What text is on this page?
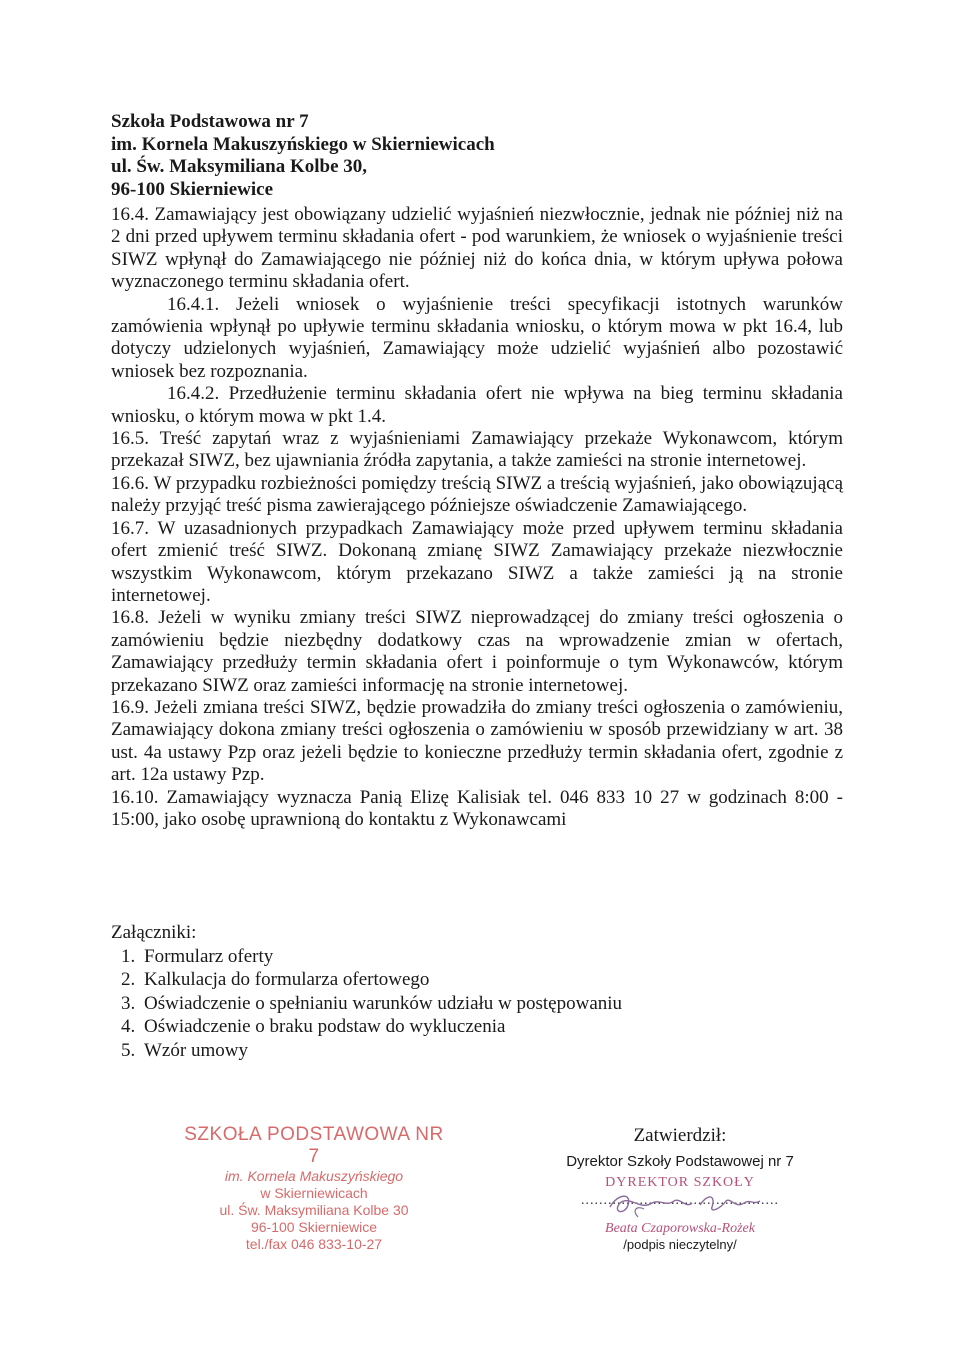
Szkoła Podstawowa nr 7
im. Kornela Makuszyńskiego w Skierniewicach
ul. Św. Maksymiliana Kolbe 30,
96-100 Skierniewice

16.4. Zamawiający jest obowiązany udzielić wyjaśnień niezwłocznie, jednak nie później niż na 2 dni przed upływem terminu składania ofert - pod warunkiem, że wniosek o wyjaśnienie treści SIWZ wpłynął do Zamawiającego nie później niż do końca dnia, w którym upływa połowa wyznaczonego terminu składania ofert.

16.4.1. Jeżeli wniosek o wyjaśnienie treści specyfikacji istotnych warunków zamówienia wpłynął po upływie terminu składania wniosku, o którym mowa w pkt 16.4, lub dotyczy udzielonych wyjaśnień, Zamawiający może udzielić wyjaśnień albo pozostawić wniosek bez rozpoznania.

16.4.2. Przedłużenie terminu składania ofert nie wpływa na bieg terminu składania wniosku, o którym mowa w pkt 1.4.

16.5. Treść zapytań wraz z wyjaśnieniami Zamawiający przekaże Wykonawcom, którym przekazał SIWZ, bez ujawniania źródła zapytania, a także zamieści na stronie internetowej.

16.6. W przypadku rozbieżności pomiędzy treścią SIWZ a treścią wyjaśnień, jako obowiązującą należy przyjąć treść pisma zawierającego późniejsze oświadczenie Zamawiającego.

16.7. W uzasadnionych przypadkach Zamawiający może przed upływem terminu składania ofert zmienić treść SIWZ. Dokonaną zmianę SIWZ Zamawiający przekaże niezwłocznie wszystkim Wykonawcom, którym przekazano SIWZ a także zamieści ją na stronie internetowej.

16.8. Jeżeli w wyniku zmiany treści SIWZ nieprowadzącej do zmiany treści ogłoszenia o zamówieniu będzie niezbędny dodatkowy czas na wprowadzenie zmian w ofertach, Zamawiający przedłuży termin składania ofert i poinformuje o tym Wykonawców, którym przekazano SIWZ oraz zamieści informację na stronie internetowej.

16.9. Jeżeli zmiana treści SIWZ, będzie prowadziła do zmiany treści ogłoszenia o zamówieniu, Zamawiający dokona zmiany treści ogłoszenia o zamówieniu w sposób przewidziany w art. 38 ust. 4a ustawy Pzp oraz jeżeli będzie to konieczne przedłuży termin składania ofert, zgodnie z art. 12a ustawy Pzp.

16.10. Zamawiający wyznacza Panią Elizę Kalisiak tel. 046 833 10 27 w godzinach 8:00 - 15:00, jako osobę uprawnioną do kontaktu z Wykonawcami

Załączniki:
1. Formularz oferty
2. Kalkulacja do formularza ofertowego
3. Oświadczenie o spełnianiu warunków udziału w postępowaniu
4. Oświadczenie o braku podstaw do wykluczenia
5. Wzór umowy
SZKOŁA PODSTAWOWA NR 7
im. Kornela Makuszyńskiego
w Skierniewicach
ul. Św. Maksymiliana Kolbe 30
96-100 Skierniewice
tel./fax 046 833-10-27
Zatwierdził:
Dyrektor Szkoły Podstawowej nr 7
DYREKTOR SZKOŁY
............................................
Beata Czaporowska-Rożek
/podpis nieczytelny/
